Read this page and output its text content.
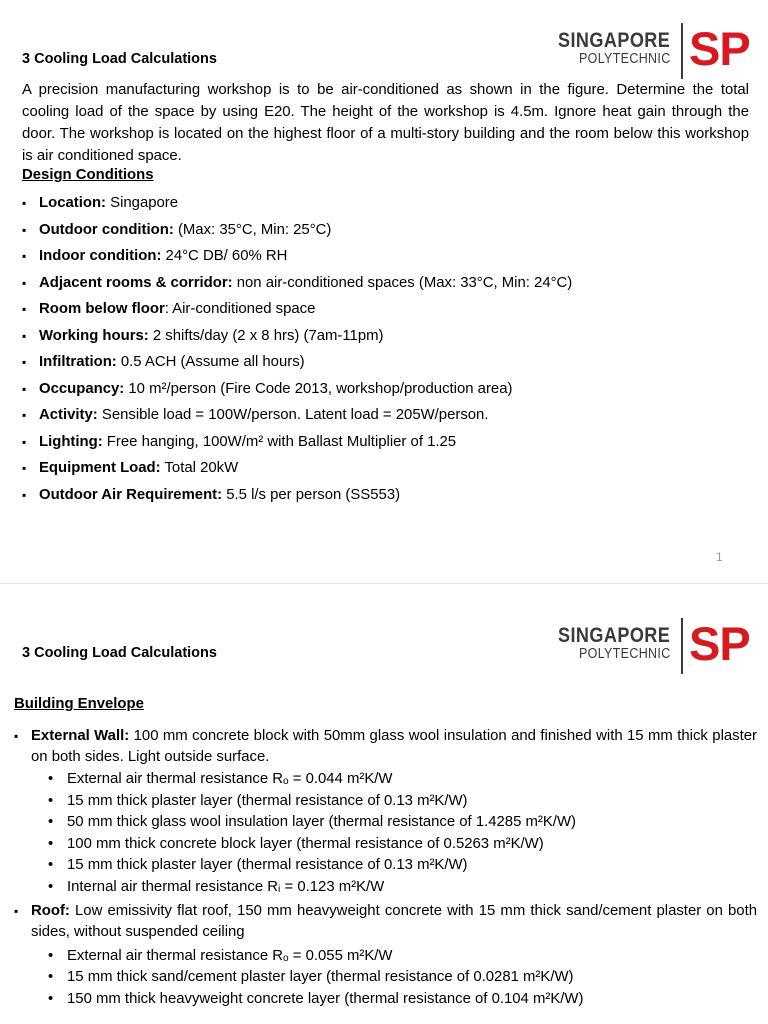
3 Cooling Load Calculations
SINGAPORE
POLYTECHNIC SP
A precision manufacturing workshop is to be air-conditioned as shown in the figure. Determine the total cooling load of the space by using E20. The height of the workshop is 4.5m. Ignore heat gain through the door. The workshop is located on the highest floor of a multi-story building and the room below this workshop is air conditioned space.
Design Conditions
▪ Location: Singapore
▪ Outdoor condition: (Max: 35°C, Min: 25°C)
▪ Indoor condition: 24°C DB/ 60% RH
▪ Adjacent rooms & corridor: non air-conditioned spaces (Max: 33°C, Min: 24°C)
▪ Room below floor: Air-conditioned space
▪ Working hours: 2 shifts/day (2 x 8 hrs) (7am-11pm)
▪ Infiltration: 0.5 ACH (Assume all hours)
▪ Occupancy: 10 m²/person (Fire Code 2013, workshop/production area)
▪ Activity: Sensible load = 100W/person. Latent load = 205W/person.
▪ Lighting: Free hanging, 100W/m² with Ballast Multiplier of 1.25
▪ Equipment Load: Total 20kW
▪ Outdoor Air Requirement: 5.5 l/s per person (SS553)
1
3 Cooling Load Calculations
SINGAPORE
POLYTECHNIC SP
Building Envelope
▪ External Wall: 100 mm concrete block with 50mm glass wool insulation and finished with 15 mm thick plaster on both sides. Light outside surface.
• External air thermal resistance Rₒ = 0.044 m²K/W
• 15 mm thick plaster layer (thermal resistance of 0.13 m²K/W)
• 50 mm thick glass wool insulation layer (thermal resistance of 1.4285 m²K/W)
• 100 mm thick concrete block layer (thermal resistance of 0.5263 m²K/W)
• 15 mm thick plaster layer (thermal resistance of 0.13 m²K/W)
• Internal air thermal resistance Rᵢ = 0.123 m²K/W
▪ Roof: Low emissivity flat roof, 150 mm heavyweight concrete with 15 mm thick sand/cement plaster on both sides, without suspended ceiling
• External air thermal resistance Rₒ = 0.055 m²K/W
• 15 mm thick sand/cement plaster layer (thermal resistance of 0.0281 m²K/W)
• 150 mm thick heavyweight concrete layer (thermal resistance of 0.104 m²K/W)
